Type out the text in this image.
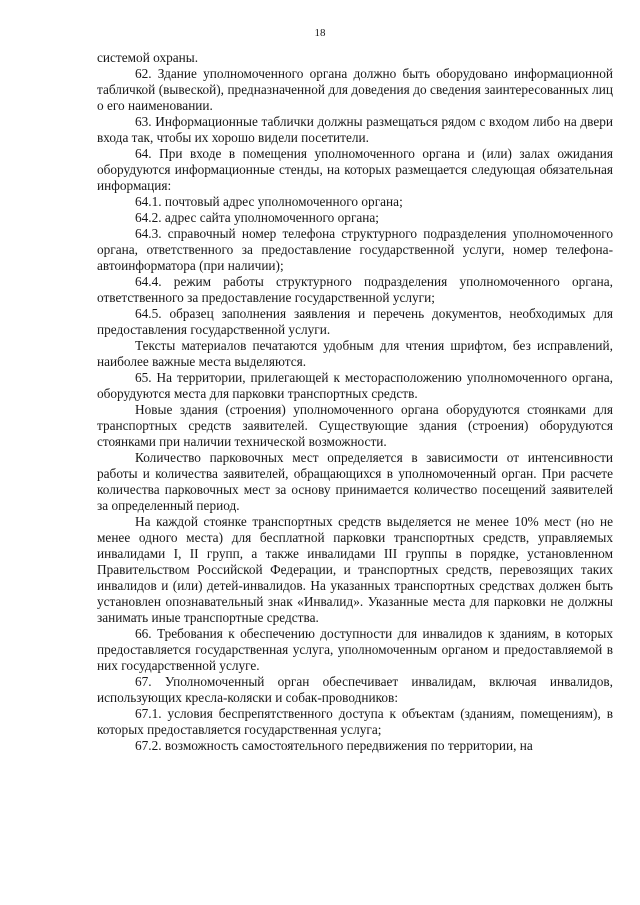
18

системой охраны.

62. Здание уполномоченного органа должно быть оборудовано информационной табличкой (вывеской), предназначенной для доведения до сведения заинтересованных лиц о его наименовании.

63. Информационные таблички должны размещаться рядом с входом либо на двери входа так, чтобы их хорошо видели посетители.

64. При входе в помещения уполномоченного органа и (или) залах ожидания оборудуются информационные стенды, на которых размещается следующая обязательная информация:

64.1. почтовый адрес уполномоченного органа;

64.2. адрес сайта уполномоченного органа;

64.3. справочный номер телефона структурного подразделения уполномоченного органа, ответственного за предоставление государственной услуги, номер телефона-автоинформатора (при наличии);

64.4. режим работы структурного подразделения уполномоченного органа, ответственного за предоставление государственной услуги;

64.5. образец заполнения заявления и перечень документов, необходимых для предоставления государственной услуги.

Тексты материалов печатаются удобным для чтения шрифтом, без исправлений, наиболее важные места выделяются.

65. На территории, прилегающей к месторасположению уполномоченного органа, оборудуются места для парковки транспортных средств.

Новые здания (строения) уполномоченного органа оборудуются стоянками для транспортных средств заявителей. Существующие здания (строения) оборудуются стоянками при наличии технической возможности.

Количество парковочных мест определяется в зависимости от интенсивности работы и количества заявителей, обращающихся в уполномоченный орган. При расчете количества парковочных мест за основу принимается количество посещений заявителей за определенный период.

На каждой стоянке транспортных средств выделяется не менее 10% мест (но не менее одного места) для бесплатной парковки транспортных средств, управляемых инвалидами I, II групп, а также инвалидами III группы в порядке, установленном Правительством Российской Федерации, и транспортных средств, перевозящих таких инвалидов и (или) детей-инвалидов. На указанных транспортных средствах должен быть установлен опознавательный знак «Инвалид». Указанные места для парковки не должны занимать иные транспортные средства.

66. Требования к обеспечению доступности для инвалидов к зданиям, в которых предоставляется государственная услуга, уполномоченным органом и предоставляемой в них государственной услуге.

67. Уполномоченный орган обеспечивает инвалидам, включая инвалидов, использующих кресла-коляски и собак-проводников:

67.1. условия беспрепятственного доступа к объектам (зданиям, помещениям), в которых предоставляется государственная услуга;

67.2. возможность самостоятельного передвижения по территории, на
